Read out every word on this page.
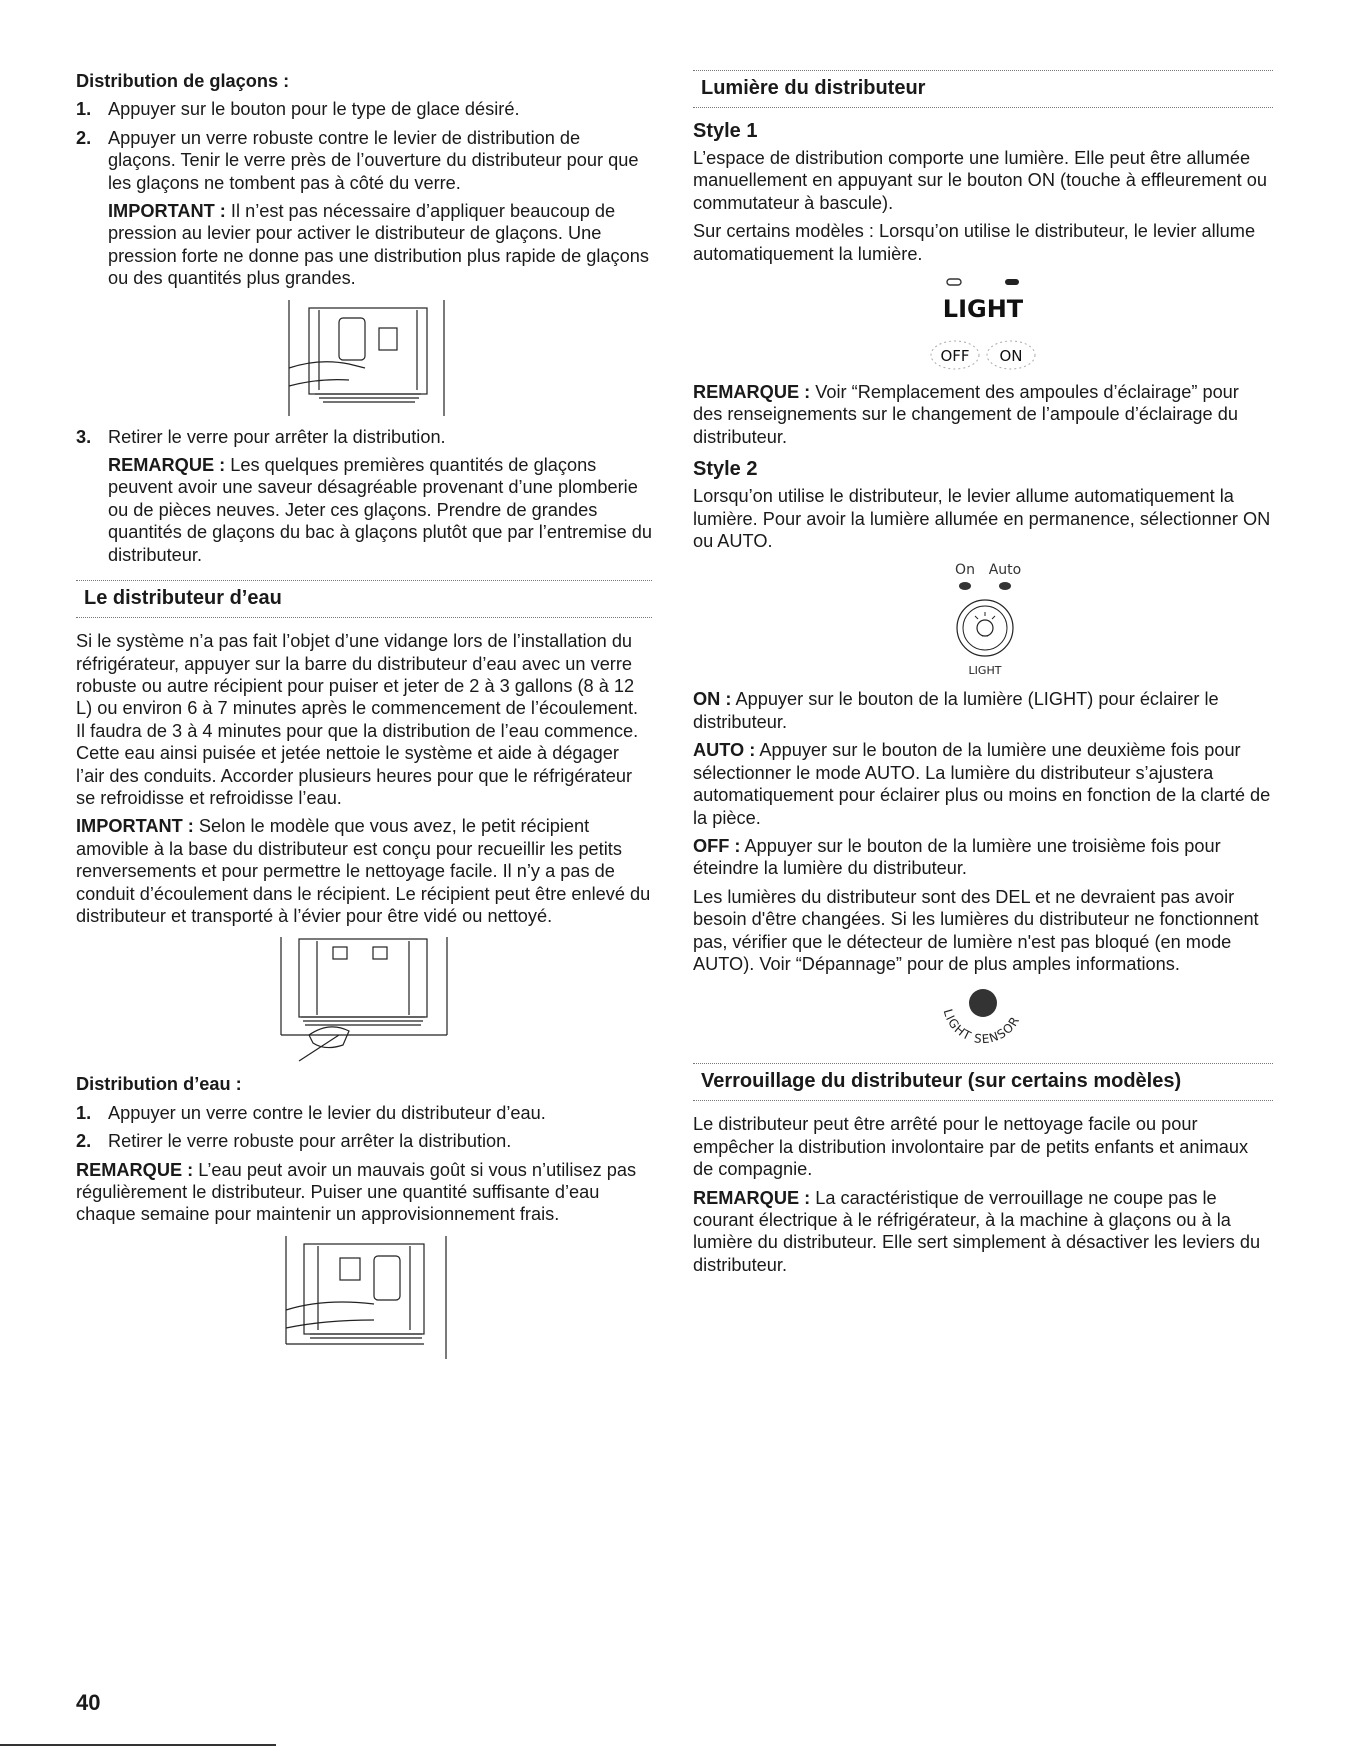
Distribution de glaçons :

1. Appuyer sur le bouton pour le type de glace désiré.
2. Appuyer un verre robuste contre le levier de distribution de glaçons. Tenir le verre près de l’ouverture du distributeur pour que les glaçons ne tombent pas à côté du verre.

IMPORTANT : Il n’est pas nécessaire d’appliquer beaucoup de pression au levier pour activer le distributeur de glaçons. Une pression forte ne donne pas une distribution plus rapide de glaçons ou des quantités plus grandes.

3. Retirer le verre pour arrêter la distribution.

REMARQUE : Les quelques premières quantités de glaçons peuvent avoir une saveur désagréable provenant d’une plomberie ou de pièces neuves. Jeter ces glaçons. Prendre de grandes quantités de glaçons du bac à glaçons plutôt que par l’entremise du distributeur.

Le distributeur d’eau

Si le système n’a pas fait l’objet d’une vidange lors de l’installation du réfrigérateur, appuyer sur la barre du distributeur d’eau avec un verre robuste ou autre récipient pour puiser et jeter de 2 à 3 gallons (8 à 12 L) ou environ 6 à 7 minutes après le commencement de l’écoulement. Il faudra de 3 à 4 minutes pour que la distribution de l’eau commence. Cette eau ainsi puisée et jetée nettoie le système et aide à dégager l’air des conduits. Accorder plusieurs heures pour que le réfrigérateur se refroidisse et refroidisse l’eau.

IMPORTANT : Selon le modèle que vous avez, le petit récipient amovible à la base du distributeur est conçu pour recueillir les petits renversements et pour permettre le nettoyage facile. Il n’y a pas de conduit d’écoulement dans le récipient. Le récipient peut être enlevé du distributeur et transporté à l’évier pour être vidé ou nettoyé.

Distribution d’eau :

1. Appuyer un verre contre le levier du distributeur d’eau.
2. Retirer le verre robuste pour arrêter la distribution.

REMARQUE : L’eau peut avoir un mauvais goût si vous n’utilisez pas régulièrement le distributeur. Puiser une quantité suffisante d’eau chaque semaine pour maintenir un approvisionnement frais.

Lumière du distributeur
Style 1

L’espace de distribution comporte une lumière. Elle peut être allumée manuellement en appuyant sur le bouton ON (touche à effleurement ou commutateur à bascule).

Sur certains modèles : Lorsqu’on utilise le distributeur, le levier allume automatiquement la lumière.

LIGHT
OFF ON

REMARQUE : Voir “Remplacement des ampoules d’éclairage” pour des renseignements sur le changement de l’ampoule d’éclairage du distributeur.

Style 2

Lorsqu’on utilise le distributeur, le levier allume automatiquement la lumière. Pour avoir la lumière allumée en permanence, sélectionner ON ou AUTO.

On Auto
LIGHT

ON : Appuyer sur le bouton de la lumière (LIGHT) pour éclairer le distributeur.

AUTO : Appuyer sur le bouton de la lumière une deuxième fois pour sélectionner le mode AUTO. La lumière du distributeur s’ajustera automatiquement pour éclairer plus ou moins en fonction de la clarté de la pièce.

OFF : Appuyer sur le bouton de la lumière une troisième fois pour éteindre la lumière du distributeur.

Les lumières du distributeur sont des DEL et ne devraient pas avoir besoin d'être changées. Si les lumières du distributeur ne fonctionnent pas, vérifier que le détecteur de lumière n'est pas bloqué (en mode AUTO). Voir “Dépannage” pour de plus amples informations.

LIGHT SENSOR
Verrouillage du distributeur (sur certains modèles)

Le distributeur peut être arrêté pour le nettoyage facile ou pour empêcher la distribution involontaire par de petits enfants et animaux de compagnie.

REMARQUE : La caractéristique de verrouillage ne coupe pas le courant électrique à le réfrigérateur, à la machine à glaçons ou à la lumière du distributeur. Elle sert simplement à désactiver les leviers du distributeur.

40
